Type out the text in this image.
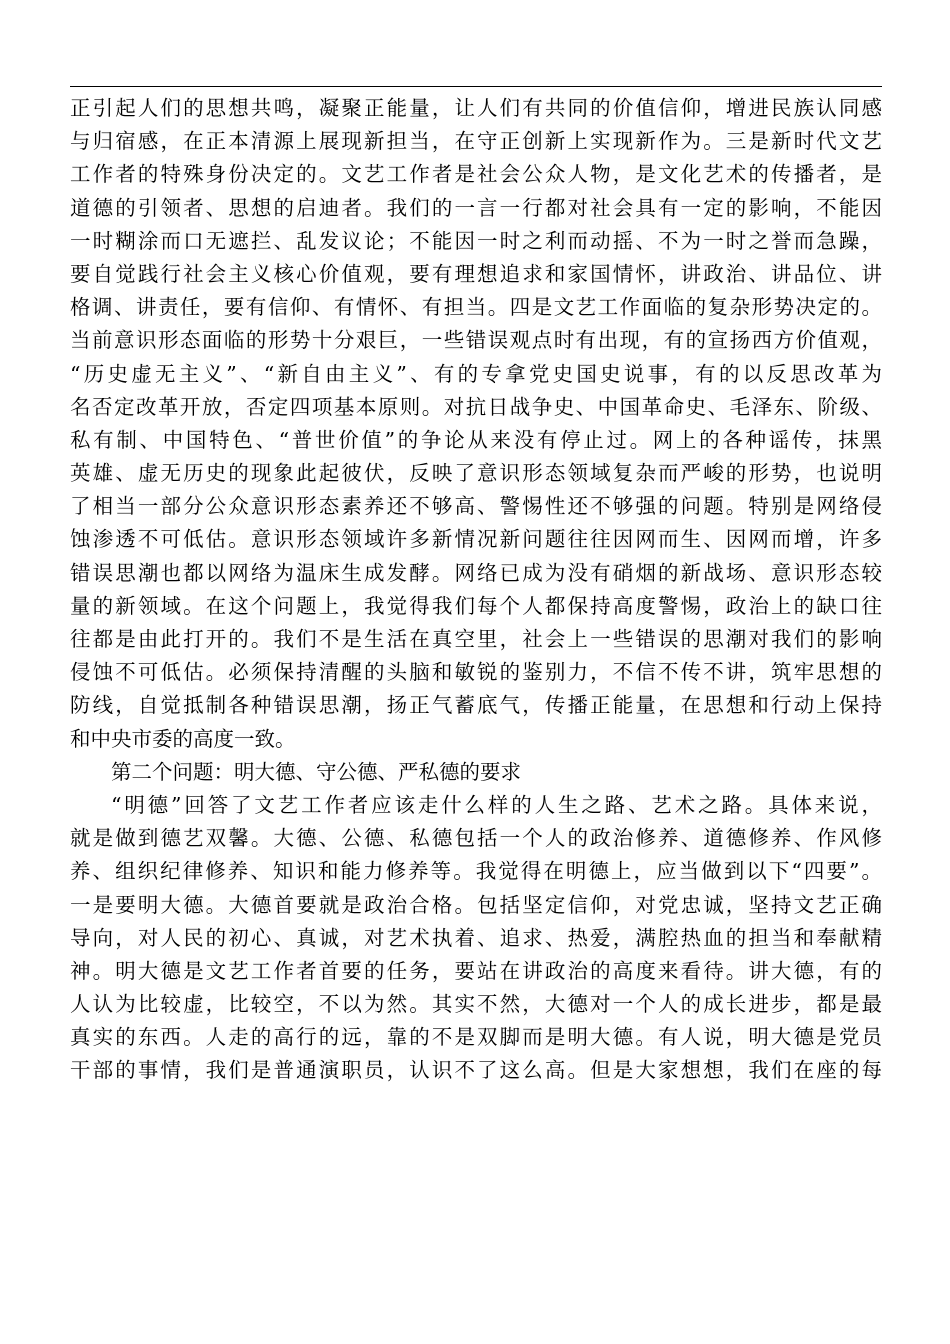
正引起人们的思想共鸣，凝聚正能量，让人们有共同的价值信仰，增进民族认同感
与归宿感，在正本清源上展现新担当，在守正创新上实现新作为。三是新时代文艺
工作者的特殊身份决定的。文艺工作者是社会公众人物，是文化艺术的传播者，是
道德的引领者、思想的启迪者。我们的一言一行都对社会具有一定的影响，不能因
一时糊涂而口无遮拦、乱发议论；不能因一时之利而动摇、不为一时之誉而急躁，
要自觉践行社会主义核心价值观，要有理想追求和家国情怀，讲政治、讲品位、讲
格调、讲责任，要有信仰、有情怀、有担当。四是文艺工作面临的复杂形势决定的。
当前意识形态面临的形势十分艰巨，一些错误观点时有出现，有的宣扬西方价值观，
“历史虚无主义”、“新自由主义”、有的专拿党史国史说事，有的以反思改革为
名否定改革开放，否定四项基本原则。对抗日战争史、中国革命史、毛泽东、阶级、
私有制、中国特色、“普世价值”的争论从来没有停止过。网上的各种谣传，抹黑
英雄、虚无历史的现象此起彼伏，反映了意识形态领域复杂而严峻的形势，也说明
了相当一部分公众意识形态素养还不够高、警惕性还不够强的问题。特别是网络侵
蚀渗透不可低估。意识形态领域许多新情况新问题往往因网而生、因网而增，许多
错误思潮也都以网络为温床生成发酵。网络已成为没有硝烟的新战场、意识形态较
量的新领域。在这个问题上，我觉得我们每个人都保持高度警惕，政治上的缺口往
往都是由此打开的。我们不是生活在真空里，社会上一些错误的思潮对我们的影响
侵蚀不可低估。必须保持清醒的头脑和敏锐的鉴别力，不信不传不讲，筑牢思想的
防线，自觉抵制各种错误思潮，扬正气蓄底气，传播正能量，在思想和行动上保持
和中央市委的高度一致。
第二个问题：明大德、守公德、严私德的要求
“明德”回答了文艺工作者应该走什么样的人生之路、艺术之路。具体来说，
就是做到德艺双馨。大德、公德、私德包括一个人的政治修养、道德修养、作风修
养、组织纪律修养、知识和能力修养等。我觉得在明德上，应当做到以下“四要”。
一是要明大德。大德首要就是政治合格。包括坚定信仰，对党忠诚，坚持文艺正确
导向，对人民的初心、真诚，对艺术执着、追求、热爱，满腔热血的担当和奉献精
神。明大德是文艺工作者首要的任务，要站在讲政治的高度来看待。讲大德，有的
人认为比较虚，比较空，不以为然。其实不然，大德对一个人的成长进步，都是最
真实的东西。人走的高行的远，靠的不是双脚而是明大德。有人说，明大德是党员
干部的事情，我们是普通演职员，认识不了这么高。但是大家想想，我们在座的每
